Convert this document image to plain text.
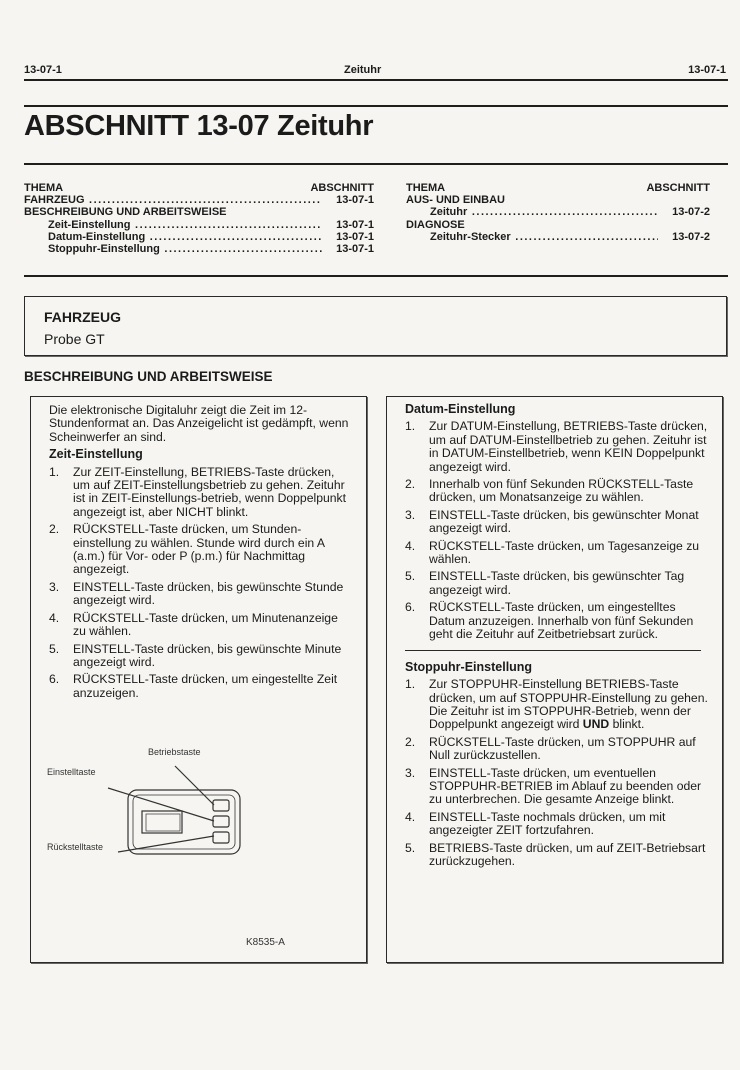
13-07-1	Zeituhr	13-07-1
ABSCHNITT 13-07 Zeituhr
THEMA	ABSCHNITT
FAHRZEUG .....	13-07-1
BESCHREIBUNG UND ARBEITSWEISE
Zeit-Einstellung .....	13-07-1
Datum-Einstellung .....	13-07-1
Stoppuhr-Einstellung .....	13-07-1
THEMA	ABSCHNITT
AUS- UND EINBAU
Zeituhr .....	13-07-2
DIAGNOSE
Zeituhr-Stecker .....	13-07-2
FAHRZEUG
Probe GT
BESCHREIBUNG UND ARBEITSWEISE

Die elektronische Digitaluhr zeigt die Zeit im 12-Stundenformat an. Das Anzeigelicht ist gedämpft, wenn Scheinwerfer an sind.

Zeit-Einstellung
1.	Zur ZEIT-Einstellung, BETRIEBS-Taste drücken, um auf ZEIT-Einstellungsbetrieb zu gehen. Zeituhr ist in ZEIT-Einstellungs-betrieb, wenn Doppelpunkt angezeigt ist, aber NICHT blinkt.
2.	RÜCKSTELL-Taste drücken, um Stunden-einstellung zu wählen. Stunde wird durch ein A (a.m.) für Vor- oder P (p.m.) für Nachmittag angezeigt.
3.	EINSTELL-Taste drücken, bis gewünschte Stunde angezeigt wird.
4.	RÜCKSTELL-Taste drücken, um Minutenanzeige zu wählen.
5.	EINSTELL-Taste drücken, bis gewünschte Minute angezeigt wird.
6.	RÜCKSTELL-Taste drücken, um eingestellte Zeit anzuzeigen.
Betriebstaste
Einstelltaste
Rückstelltaste
K8535-A
Datum-Einstellung
1.	Zur DATUM-Einstellung, BETRIEBS-Taste drücken, um auf DATUM-Einstellbetrieb zu gehen. Zeituhr ist in DATUM-Einstellbetrieb, wenn KEIN Doppelpunkt angezeigt wird.
2.	Innerhalb von fünf Sekunden RÜCKSTELL-Taste drücken, um Monatsanzeige zu wählen.
3.	EINSTELL-Taste drücken, bis gewünschter Monat angezeigt wird.
4.	RÜCKSTELL-Taste drücken, um Tagesanzeige zu wählen.
5.	EINSTELL-Taste drücken, bis gewünschter Tag angezeigt wird.
6.	RÜCKSTELL-Taste drücken, um eingestelltes Datum anzuzeigen. Innerhalb von fünf Sekunden geht die Zeituhr auf Zeitbetriebsart zurück.
Stoppuhr-Einstellung
1.	Zur STOPPUHR-Einstellung BETRIEBS-Taste drücken, um auf STOPPUHR-Einstellung zu gehen. Die Zeituhr ist im STOPPUHR-Betrieb, wenn der Doppelpunkt angezeigt wird UND blinkt.
2.	RÜCKSTELL-Taste drücken, um STOPPUHR auf Null zurückzustellen.
3.	EINSTELL-Taste drücken, um eventuellen STOPPUHR-BETRIEB im Ablauf zu beenden oder zu unterbrechen. Die gesamte Anzeige blinkt.
4.	EINSTELL-Taste nochmals drücken, um mit angezeigter ZEIT fortzufahren.
5.	BETRIEBS-Taste drücken, um auf ZEIT-Betriebsart zurückzugehen.
